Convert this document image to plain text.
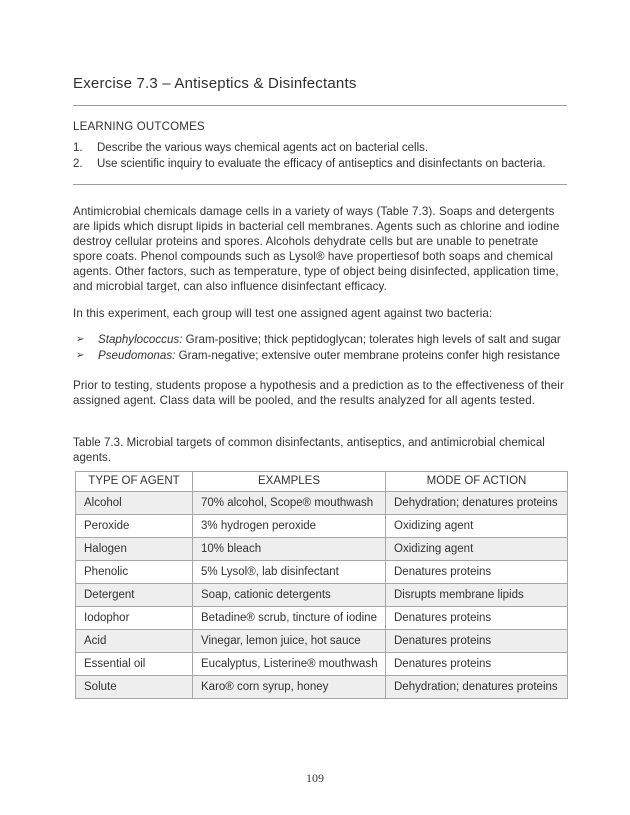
Exercise 7.3 – Antiseptics & Disinfectants
LEARNING OUTCOMES
1.	Describe the various ways chemical agents act on bacterial cells.
2.	Use scientific inquiry to evaluate the efficacy of antiseptics and disinfectants on bacteria.

Antimicrobial chemicals damage cells in a variety of ways (Table 7.3). Soaps and detergents are lipids which disrupt lipids in bacterial cell membranes. Agents such as chlorine and iodine destroy cellular proteins and spores. Alcohols dehydrate cells but are unable to penetrate spore coats. Phenol compounds such as Lysol® have propertiesof both soaps and chemical agents. Other factors, such as temperature, type of object being disinfected, application time, and microbial target, can also influence disinfectant efficacy.

In this experiment, each group will test one assigned agent against two bacteria:

➢	Staphylococcus: Gram-positive; thick peptidoglycan; tolerates high levels of salt and sugar
➢	Pseudomonas: Gram-negative; extensive outer membrane proteins confer high resistance

Prior to testing, students propose a hypothesis and a prediction as to the effectiveness of their assigned agent. Class data will be pooled, and the results analyzed for all agents tested.

Table 7.3. Microbial targets of common disinfectants, antiseptics, and antimicrobial chemical agents.
TYPE OF AGENT	EXAMPLES	MODE OF ACTION
Alcohol	70% alcohol, Scope® mouthwash	Dehydration; denatures proteins
Peroxide	3% hydrogen peroxide	Oxidizing agent
Halogen	10% bleach	Oxidizing agent
Phenolic	5% Lysol®, lab disinfectant	Denatures proteins
Detergent	Soap, cationic detergents	Disrupts membrane lipids
Iodophor	Betadine® scrub, tincture of iodine	Denatures proteins
Acid	Vinegar, lemon juice, hot sauce	Denatures proteins
Essential oil	Eucalyptus, Listerine® mouthwash	Denatures proteins
Solute	Karo® corn syrup, honey	Dehydration; denatures proteins
109
